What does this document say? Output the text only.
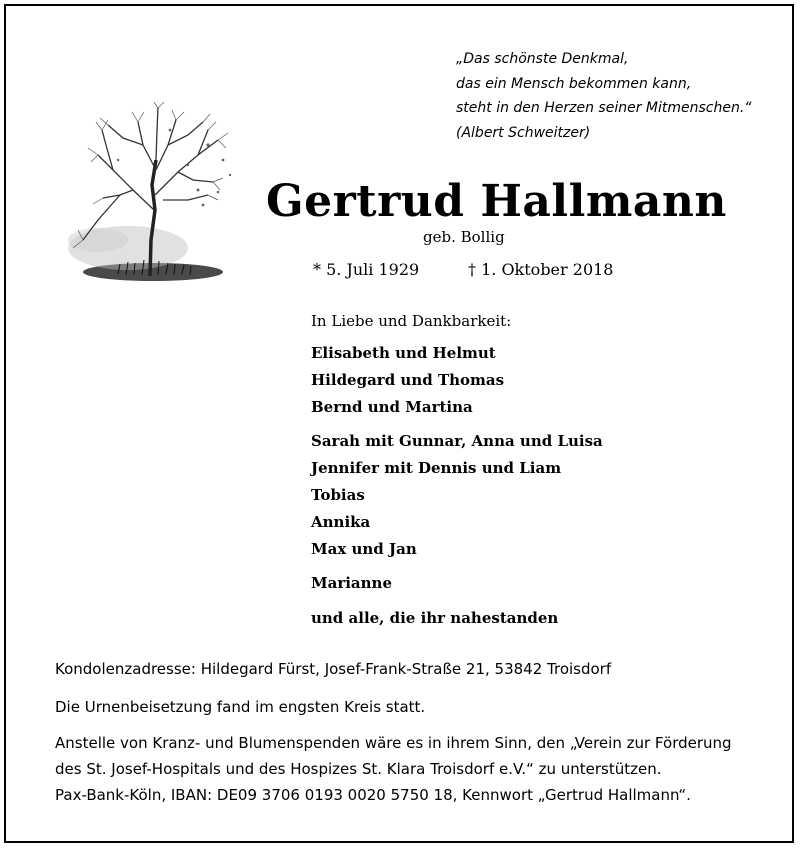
„Das schönste Denkmal,
das ein Mensch bekommen kann,
steht in den Herzen seiner Mitmenschen.“
(Albert Schweitzer)
Gertrud Hallmann
geb. Bollig
* 5. Juli 1929	† 1. Oktober 2018
In Liebe und Dankbarkeit:
Elisabeth und Helmut
Hildegard und Thomas
Bernd und Martina
Sarah mit Gunnar, Anna und Luisa
Jennifer mit Dennis und Liam
Tobias
Annika
Max und Jan
Marianne
und alle, die ihr nahestanden
Kondolenzadresse: Hildegard Fürst, Josef-Frank-Straße 21, 53842 Troisdorf
Die Urnenbeisetzung fand im engsten Kreis statt.
Anstelle von Kranz- und Blumenspenden wäre es in ihrem Sinn, den „Verein zur Förderung
des St. Josef-Hospitals und des Hospizes St. Klara Troisdorf e.V.“ zu unterstützen.
Pax-Bank-Köln, IBAN: DE09 3706 0193 0020 5750 18, Kennwort „Gertrud Hallmann“.
